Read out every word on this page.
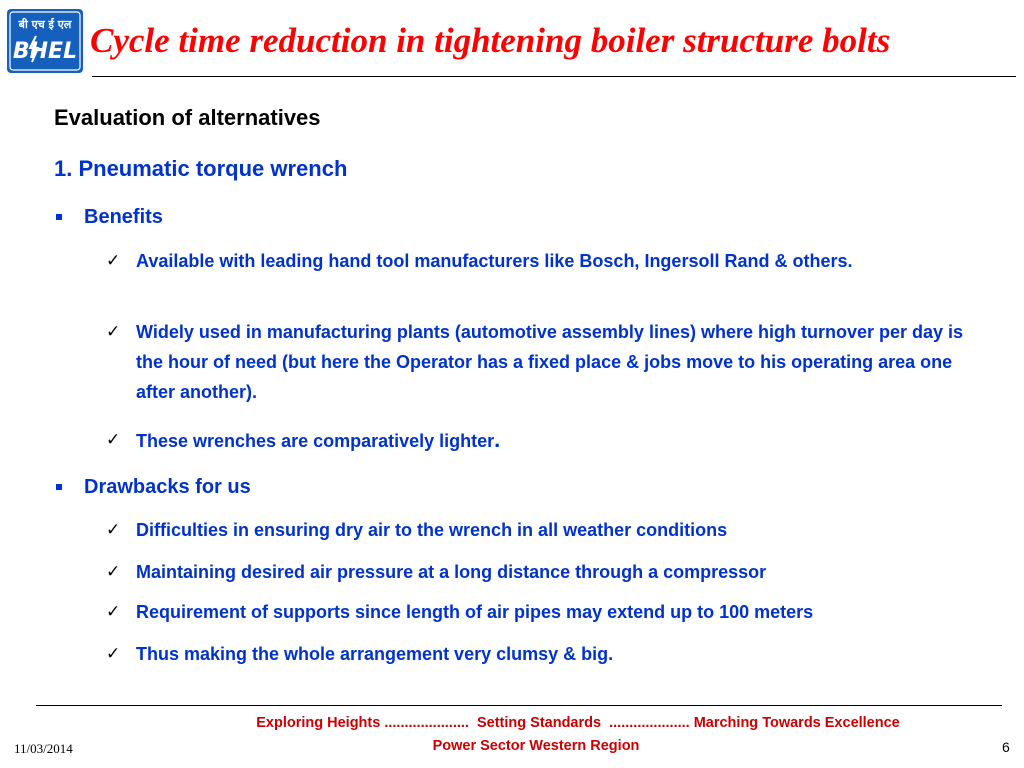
बी एच ई एल
BHEL Cycle time reduction in tightening boiler structure bolts
Evaluation of alternatives
1. Pneumatic torque wrench
Benefits
✓ Available with leading hand tool manufacturers like Bosch, Ingersoll Rand & others.
✓ Widely used in manufacturing plants (automotive assembly lines) where high turnover per day is the hour of need (but here the Operator has a fixed place & jobs move to his operating area one after another).
✓ These wrenches are comparatively lighter.
Drawbacks for us
✓ Difficulties in ensuring dry air to the wrench in all weather conditions
✓ Maintaining desired air pressure at a long distance through a compressor
✓ Requirement of supports since length of air pipes may extend up to 100 meters
✓ Thus making the whole arrangement very clumsy & big.
Exploring Heights .....................  Setting Standards  .................... Marching Towards Excellence
Power Sector Western Region
11/03/2014	6
